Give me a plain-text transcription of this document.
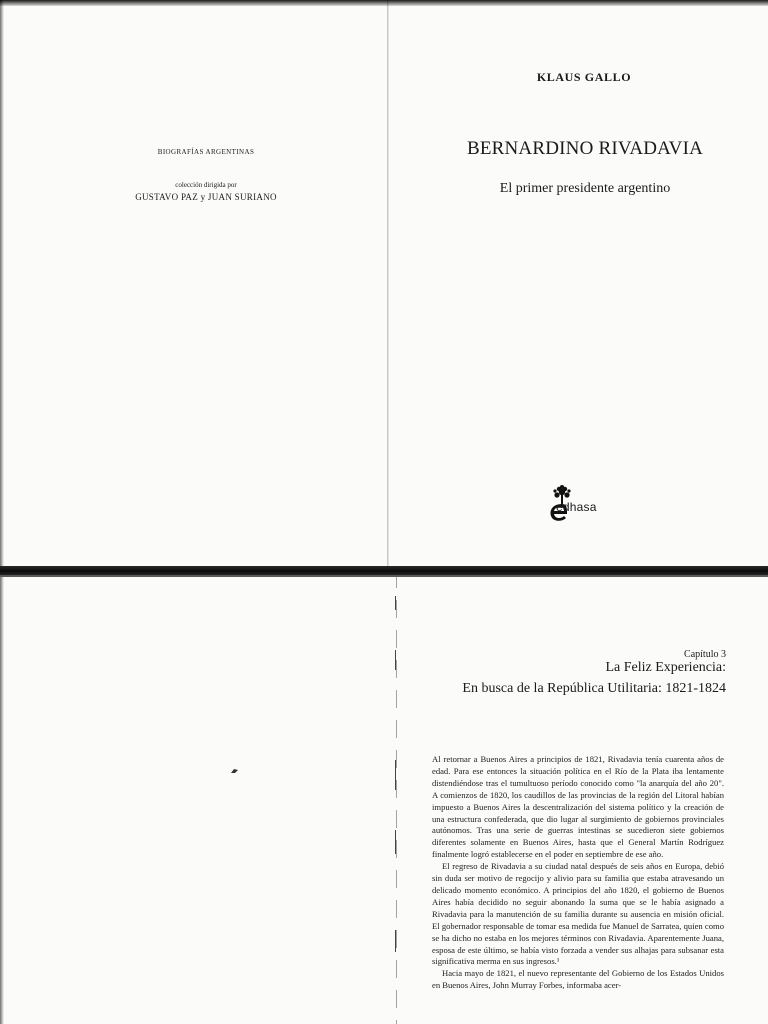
BIOGRAFÍAS ARGENTINAS
colección dirigida por
GUSTAVO PAZ y JUAN SURIANO
KLAUS GALLO
BERNARDINO RIVADAVIA
El primer presidente argentino
edhasa
Capítulo 3
La Feliz Experiencia:
En busca de la República Utilitaria: 1821-1824

Al retornar a Buenos Aires a principios de 1821, Rivadavia tenía cuarenta años de edad. Para ese entonces la situación política en el Río de la Plata iba lentamente distendiéndose tras el tumultuoso período conocido como "la anarquía del año 20". A comienzos de 1820, los caudillos de las provincias de la región del Litoral habían impuesto a Buenos Aires la descentralización del sistema político y la creación de una estructura confederada, que dio lugar al surgimiento de gobiernos provinciales autónomos. Tras una serie de guerras intestinas se sucedieron siete gobiernos diferentes solamente en Buenos Aires, hasta que el General Martín Rodríguez finalmente logró establecerse en el poder en septiembre de ese año.

El regreso de Rivadavia a su ciudad natal después de seis años en Europa, debió sin duda ser motivo de regocijo y alivio para su familia que estaba atravesando un delicado momento económico. A principios del año 1820, el gobierno de Buenos Aires había decidido no seguir abonando la suma que se le había asignado a Rivadavia para la manutención de su familia durante su ausencia en misión oficial. El gobernador responsable de tomar esa medida fue Manuel de Sarratea, quien como se ha dicho no estaba en los mejores términos con Rivadavia. Aparentemente Juana, esposa de este último, se había visto forzada a vender sus alhajas para subsanar esta significativa merma en sus ingresos.¹

Hacia mayo de 1821, el nuevo representante del Gobierno de los Estados Unidos en Buenos Aires, John Murray Forbes, informaba acer-
